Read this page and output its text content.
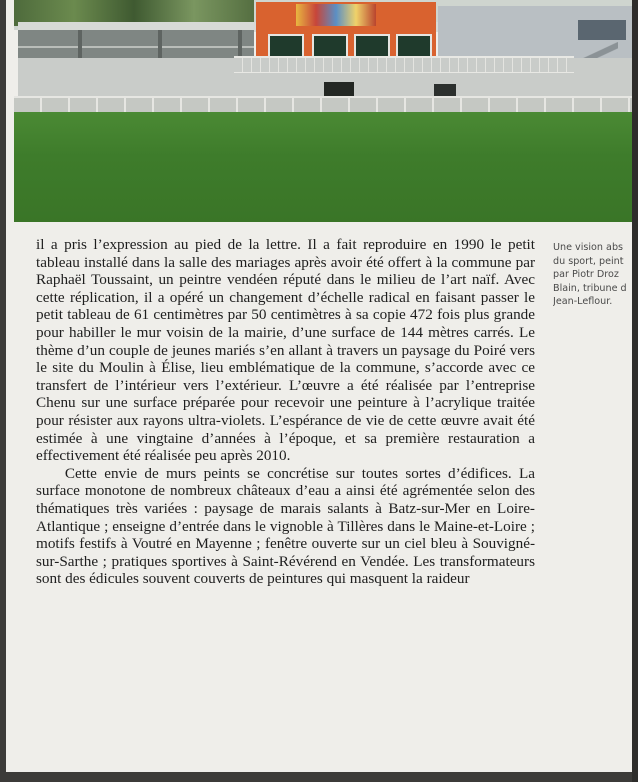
il a pris l’expression au pied de la lettre. Il a fait reproduire en 1990 le petit tableau installé dans la salle des mariages après avoir été offert à la commune par Raphaël Toussaint, un peintre vendéen réputé dans le milieu de l’art naïf. Avec cette réplication, il a opéré un changement d’échelle radical en faisant passer le petit tableau de 61 centimètres par 50 centimètres à sa copie 472 fois plus grande pour habiller le mur voisin de la mairie, d’une surface de 144 mètres carrés. Le thème d’un couple de jeunes mariés s’en allant à travers un paysage du Poiré vers le site du Moulin à Élise, lieu emblématique de la commune, s’accorde avec ce transfert de l’intérieur vers l’extérieur. L’œuvre a été réalisée par l’entreprise Chenu sur une surface préparée pour recevoir une peinture à l’acrylique traitée pour résister aux rayons ultra-violets. L’espérance de vie de cette œuvre avait été estimée à une vingtaine d’années à l’époque, et sa première restauration a effectivement été réalisée peu après 2010.

Cette envie de murs peints se concrétise sur toutes sortes d’édifices. La surface monotone de nombreux châteaux d’eau a ainsi été agrémentée selon des thématiques très variées : paysage de marais salants à Batz-sur-Mer en Loire-Atlantique ; enseigne d’entrée dans le vignoble à Tillères dans le Maine-et-Loire ; motifs festifs à Voutré en Mayenne ; fenêtre ouverte sur un ciel bleu à Souvigné-sur-Sarthe ; pratiques sportives à Saint-Révérend en Vendée. Les transformateurs sont des édicules souvent couverts de peintures qui masquent la raideur

Une vision abs
du sport, peint
par Piotr Droz
Blain, tribune d
Jean-Leflour.
